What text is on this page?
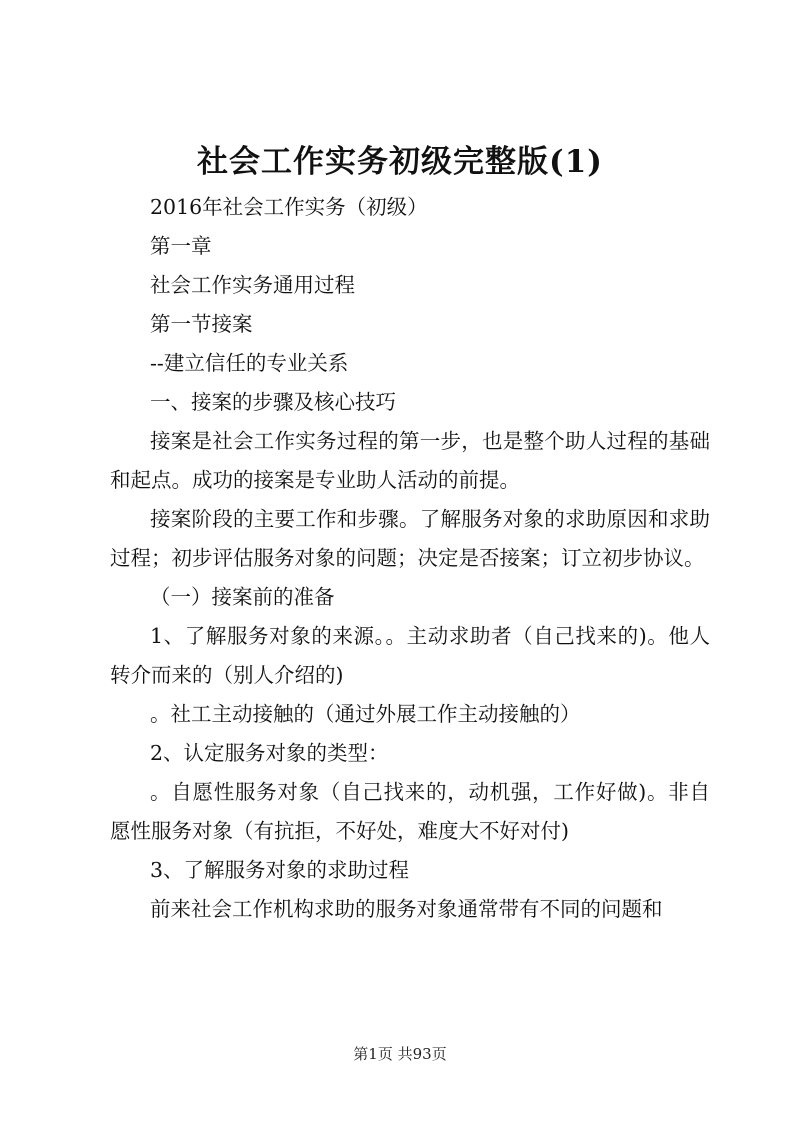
社会工作实务初级完整版(1)

2016年社会工作实务（初级）

第一章

社会工作实务通用过程

第一节接案

--建立信任的专业关系

一、接案的步骤及核心技巧

接案是社会工作实务过程的第一步，也是整个助人过程的基础和起点。成功的接案是专业助人活动的前提。

接案阶段的主要工作和步骤。了解服务对象的求助原因和求助过程；初步评估服务对象的问题；决定是否接案；订立初步协议。

（一）接案前的准备

1、了解服务对象的来源。。主动求助者（自己找来的)。他人转介而来的（别人介绍的)

。社工主动接触的（通过外展工作主动接触的）

2、认定服务对象的类型：

。自愿性服务对象（自己找来的，动机强，工作好做)。非自愿性服务对象（有抗拒，不好处，难度大不好对付)

3、了解服务对象的求助过程

前来社会工作机构求助的服务对象通常带有不同的问题和

第1页 共93页
